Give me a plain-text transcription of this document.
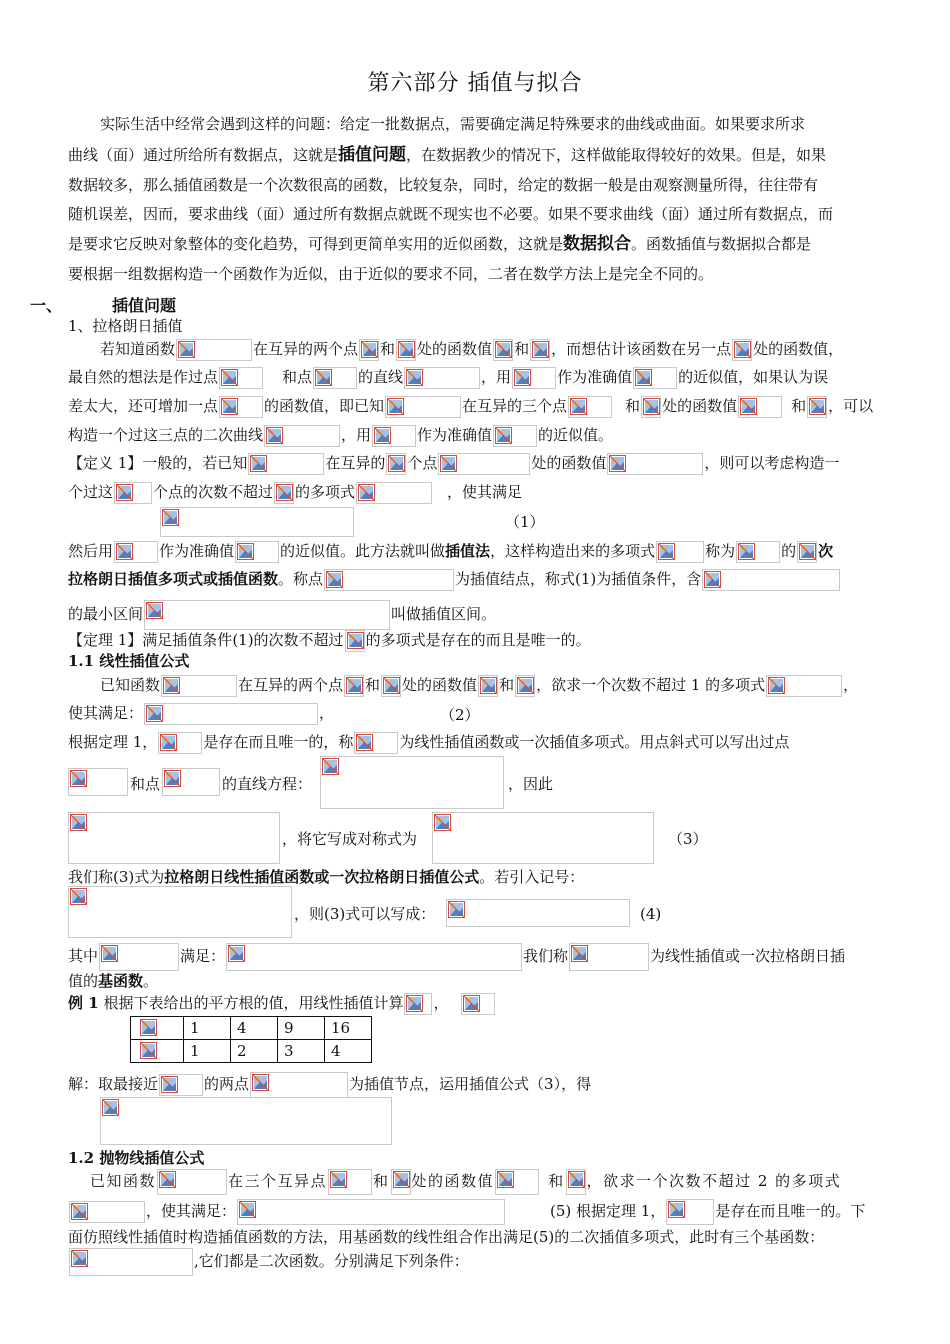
第六部分 插值与拟合
实际生活中经常会遇到这样的问题：给定一批数据点，需要确定满足特殊要求的曲线或曲面。如果要求所求
曲线（面）通过所给所有数据点，这就是插值问题，在数据教少的情况下，这样做能取得较好的效果。但是，如果
数据较多，那么插值函数是一个次数很高的函数，比较复杂，同时，给定的数据一般是由观察测量所得，往往带有
随机误差，因而，要求曲线（面）通过所有数据点就既不现实也不必要。如果不要求曲线（面）通过所有数据点，而
是要求它反映对象整体的变化趋势，可得到更简单实用的近似函数，这就是数据拟合。函数插值与数据拟合都是
要根据一组数据构造一个函数作为近似，由于近似的要求不同，二者在数学方法上是完全不同的。
一、	插值问题
1、拉格朗日插值
若知道函数	在互异的两个点 和 处的函数值 和 ，而想估计该函数在另一点 处的函数值，
最自然的想法是作过点	和点	的直线	，用	作为准确值	的近似值，如果认为误
差太大，还可增加一点	的函数值，即已知	在互异的三个点	和 处的函数值	和 ，可以
构造一个过这三点的二次曲线	，用	作为准确值	的近似值。
【定义 1】一般的，若已知	在互异的 个点	处的函数值	，则可以考虑构造一
个过这	个点的次数不超过 的多项式	，使其满足
（1）
然后用	作为准确值	的近似值。此方法就叫做插值法，这样构造出来的多项式	称为	的 次
拉格朗日插值多项式或插值函数。称点	为插值结点，称式(1)为插值条件，含
的最小区间	叫做插值区间。
【定理 1】满足插值条件(1)的次数不超过 的多项式是存在的而且是唯一的。
1.1 线性插值公式
已知函数	在互异的两个点 和 处的函数值 和 ，欲求一个次数不超过 1 的多项式	，
使其满足：	，	（2）
根据定理 1，	是存在而且唯一的，称	为线性插值函数或一次插值多项式。用点斜式可以写出过点
和点	的直线方程：	，因此
，将它写成对称式为	（3）
我们称(3)式为拉格朗日线性插值函数或一次拉格朗日插值公式。若引入记号：
，则(3)式可以写成：	(4)
其中	满足：	我们称	为线性插值或一次拉格朗日插
值的基函数。
例 1 根据下表给出的平方根的值，用线性插值计算 ，
	1	4	9	16

	1	2	3	4
解：取最接近	的两点	为插值节点，运用插值公式（3），得
1.2 抛物线插值公式
已知函数	在三个互异点	和 处的函数值	和 ，欲求一个次数不超过 2 的多项式
，使其满足：	(5) 根据定理 1，	是存在而且唯一的。下
面仿照线性插值时构造插值函数的方法，用基函数的线性组合作出满足(5)的二次插值多项式，此时有三个基函数：
,它们都是二次函数。分别满足下列条件：
